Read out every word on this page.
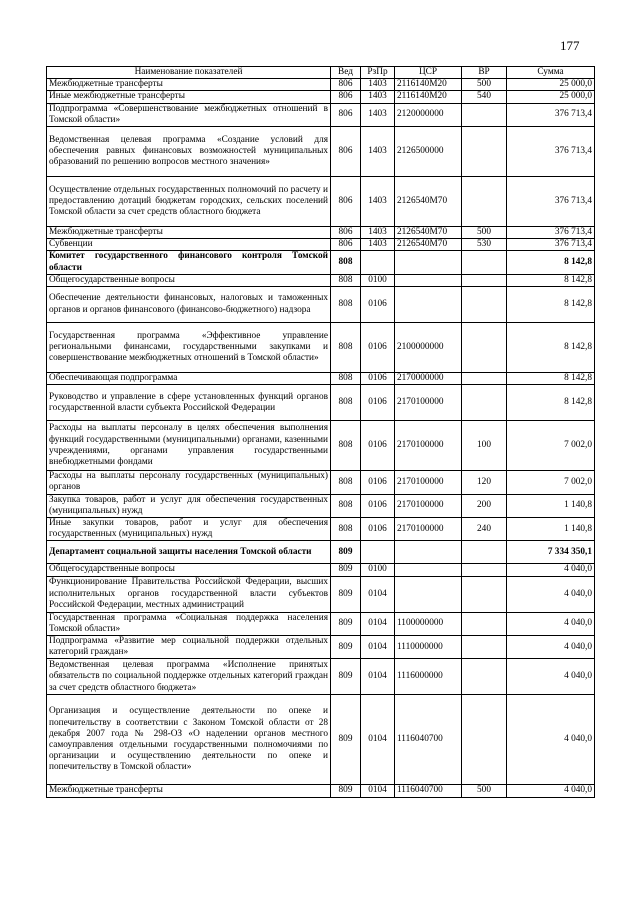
177
Наименование показателей	Вед	РзПр	ЦСР	ВР	Сумма
Межбюджетные трансферты	806	1403	2116140M20	500	25 000,0
Иные межбюджетные трансферты	806	1403	2116140M20	540	25 000,0
Подпрограмма «Совершенствование межбюджетных отношений в Томской области»	806	1403	2120000000		376 713,4
Ведомственная целевая программа «Создание условий для обеспечения равных финансовых возможностей муниципальных образований по решению вопросов местного значения»	806	1403	2126500000		376 713,4
Осуществление отдельных государственных полномочий по расчету и предоставлению дотаций бюджетам городских, сельских поселений Томской области за счет средств областного бюджета	806	1403	2126540M70		376 713,4
Межбюджетные трансферты	806	1403	2126540M70	500	376 713,4
Субвенции	806	1403	2126540M70	530	376 713,4
Комитет государственного финансового контроля Томской области	808				8 142,8
Общегосударственные вопросы	808	0100			8 142,8
Обеспечение деятельности финансовых, налоговых и таможенных органов и органов финансового (финансово-бюджетного) надзора	808	0106			8 142,8
Государственная программа «Эффективное управление региональными финансами, государственными закупками и совершенствование межбюджетных отношений в Томской области»	808	0106	2100000000		8 142,8
Обеспечивающая подпрограмма	808	0106	2170000000		8 142,8
Руководство и управление в сфере установленных функций органов государственной власти субъекта Российской Федерации	808	0106	2170100000		8 142,8
Расходы на выплаты персоналу в целях обеспечения выполнения функций государственными (муниципальными) органами, казенными учреждениями, органами управления государственными внебюджетными фондами	808	0106	2170100000	100	7 002,0
Расходы на выплаты персоналу государственных (муниципальных) органов	808	0106	2170100000	120	7 002,0
Закупка товаров, работ и услуг для обеспечения государственных (муниципальных) нужд	808	0106	2170100000	200	1 140,8
Иные закупки товаров, работ и услуг для обеспечения государственных (муниципальных) нужд	808	0106	2170100000	240	1 140,8
Департамент социальной защиты населения Томской области	809				7 334 350,1
Общегосударственные вопросы	809	0100			4 040,0
Функционирование Правительства Российской Федерации, высших исполнительных органов государственной власти субъектов Российской Федерации, местных администраций	809	0104			4 040,0
Государственная программа «Социальная поддержка населения Томской области»	809	0104	1100000000		4 040,0
Подпрограмма «Развитие мер социальной поддержки отдельных категорий граждан»	809	0104	1110000000		4 040,0
Ведомственная целевая программа «Исполнение принятых обязательств по социальной поддержке отдельных категорий граждан за счет средств областного бюджета»	809	0104	1116000000		4 040,0
Организация и осуществление деятельности по опеке и попечительству в соответствии с Законом Томской области от 28 декабря 2007 года № 298-ОЗ «О наделении органов местного самоуправления отдельными государственными полномочиями по организации и осуществлению деятельности по опеке и попечительству в Томской области»	809	0104	1116040700		4 040,0
Межбюджетные трансферты	809	0104	1116040700	500	4 040,0
